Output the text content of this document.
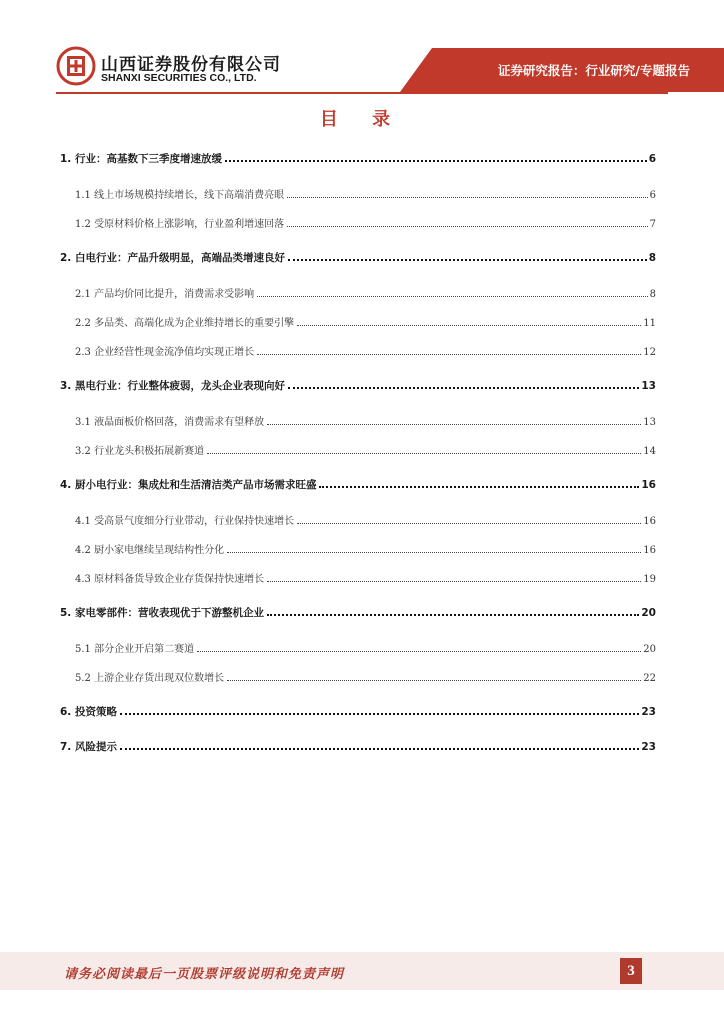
山西证券股份有限公司
SHANXI SECURITIES CO., LTD.	证券研究报告：行业研究/专题报告
目 录
1. 行业：高基数下三季度增速放缓	6
1.1 线上市场规模持续增长，线下高端消费亮眼	6
1.2 受原材料价格上涨影响，行业盈利增速回落	7
2. 白电行业：产品升级明显，高端品类增速良好	8
2.1 产品均价同比提升，消费需求受影响	8
2.2 多品类、高端化成为企业维持增长的重要引擎	11
2.3 企业经营性现金流净值均实现正增长	12
3. 黑电行业：行业整体疲弱，龙头企业表现向好	13
3.1 液晶面板价格回落，消费需求有望释放	13
3.2 行业龙头积极拓展新赛道	14
4. 厨小电行业：集成灶和生活清洁类产品市场需求旺盛	16
4.1 受高景气度细分行业带动，行业保持快速增长	16
4.2 厨小家电继续呈现结构性分化	16
4.3 原材料备货导致企业存货保持快速增长	19
5. 家电零部件：营收表现优于下游整机企业	20
5.1 部分企业开启第二赛道	20
5.2 上游企业存货出现双位数增长	22
6. 投资策略	23
7. 风险提示	23
请务必阅读最后一页股票评级说明和免责声明	3
